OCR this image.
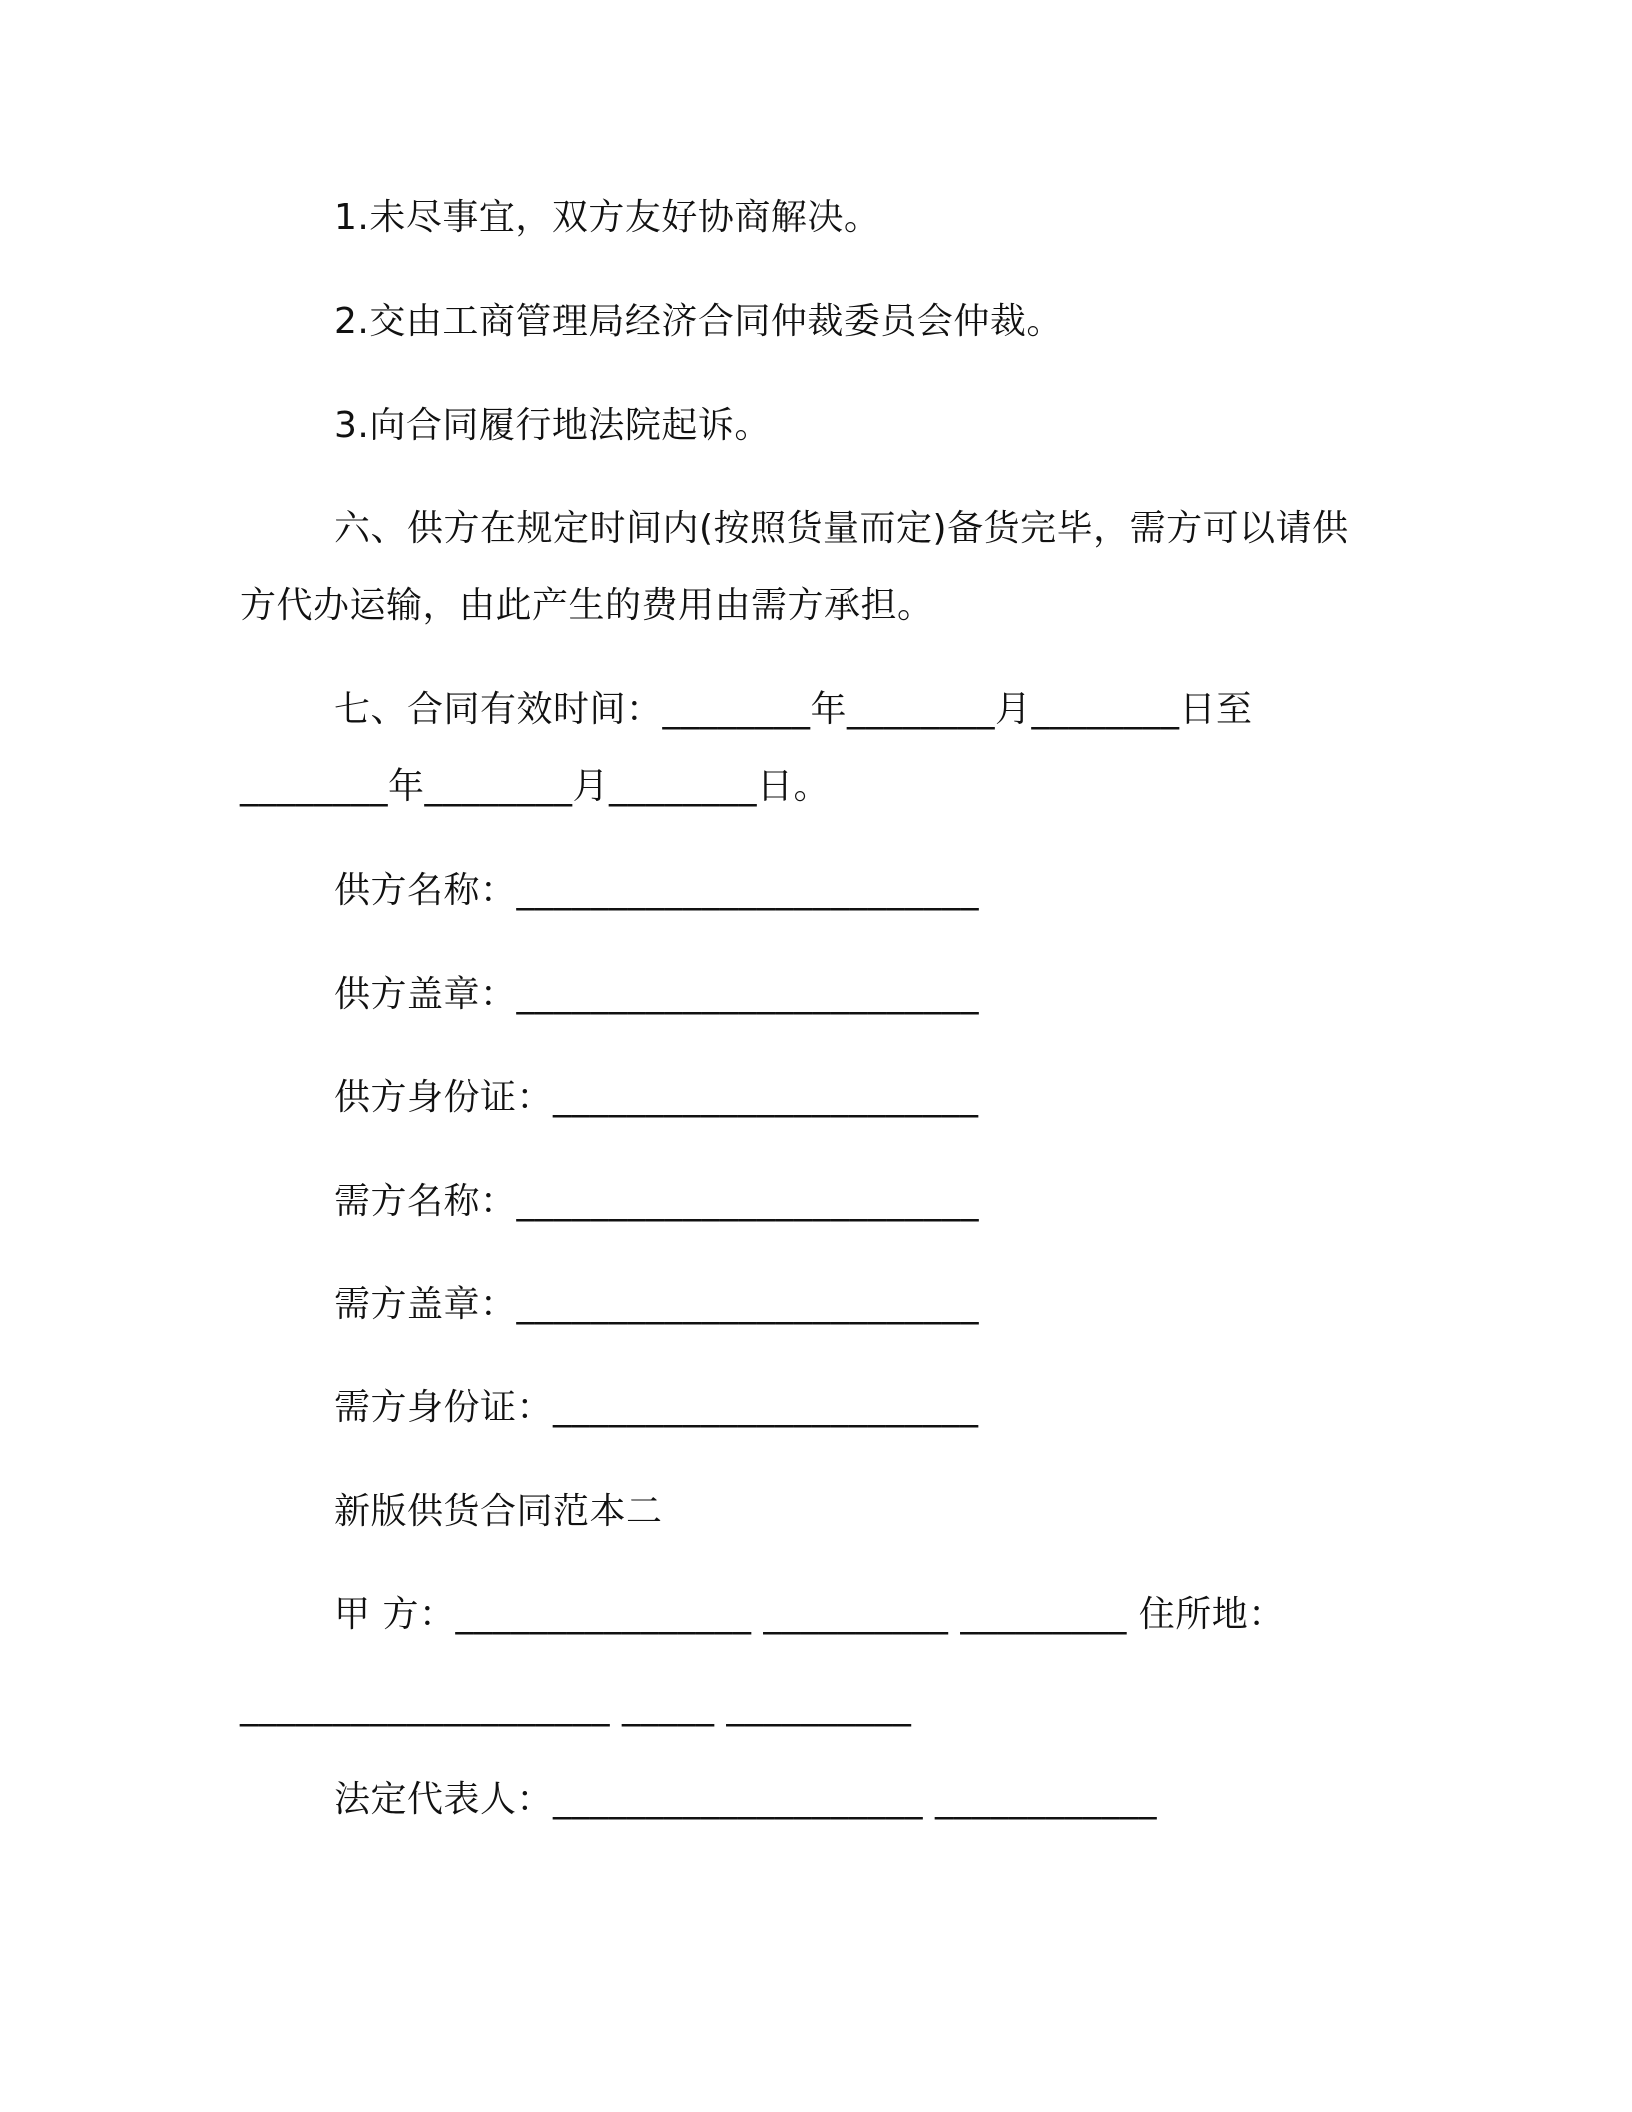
1.未尽事宜，双方友好协商解决。
2.交由工商管理局经济合同仲裁委员会仲裁。
3.向合同履行地法院起诉。
六、供方在规定时间内(按照货量而定)备货完毕，需方可以请供
方代办运输，由此产生的费用由需方承担。
七、合同有效时间：________年________月________日至
________年________月________日。
供方名称：_________________________
供方盖章：_________________________
供方身份证：_______________________
需方名称：_________________________
需方盖章：_________________________
需方身份证：_______________________
新版供货合同范本二
甲 方：________________ __________ _________ 住所地：
____________________ _____ __________
法定代表人：____________________ ____________
